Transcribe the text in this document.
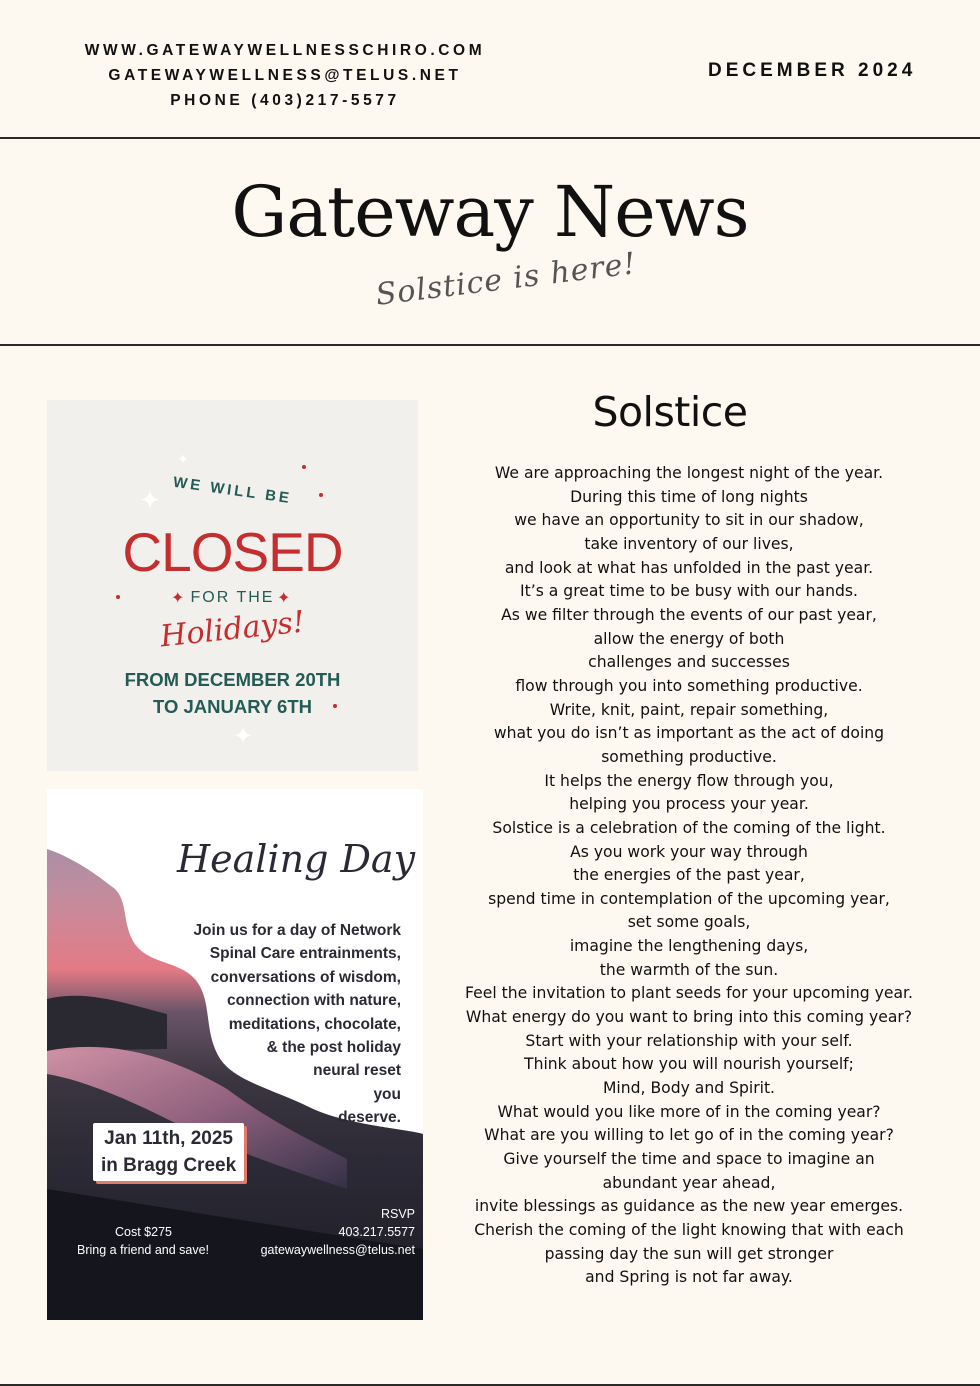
WWW.GATEWAYWELLNESSCHIRO.COM
GATEWAYWELLNESS@TELUS.NET
PHONE (403)217-5577
DECEMBER 2024
Gateway News
Solstice is here!
✦
✦
✦
✦	✦
WE WILL BE
CLOSED
FOR THE
Holidays!
FROM DECEMBER 20TH
TO JANUARY 6TH
Healing Day
Join us for a day of Network
Spinal Care entrainments,
conversations of wisdom,
connection with nature,
meditations, chocolate,
& the post holiday
neural reset
you
deserve.
Jan 11th, 2025
in Bragg Creek
Cost $275
Bring a friend and save!
RSVP
403.217.5577
gatewaywellness@telus.net
Solstice
We are approaching the longest night of the year.
During this time of long nights
we have an opportunity to sit in our shadow,
take inventory of our lives,
and look at what has unfolded in the past year.
It’s a great time to be busy with our hands.
As we filter through the events of our past year,
allow the energy of both
challenges and successes
flow through you into something productive.
Write, knit, paint, repair something,
what you do isn’t as important as the act of doing
something productive.
It helps the energy flow through you,
helping you process your year.
Solstice is a celebration of the coming of the light.
As you work your way through
the energies of the past year,
spend time in contemplation of the upcoming year,
set some goals,
imagine the lengthening days,
the warmth of the sun.
Feel the invitation to plant seeds for your upcoming year.
What energy do you want to bring into this coming year?
Start with your relationship with your self.
Think about how you will nourish yourself;
Mind, Body and Spirit.
What would you like more of in the coming year?
What are you willing to let go of in the coming year?
Give yourself the time and space to imagine an
abundant year ahead,
invite blessings as guidance as the new year emerges.
Cherish the coming of the light knowing that with each
passing day the sun will get stronger
and Spring is not far away.
